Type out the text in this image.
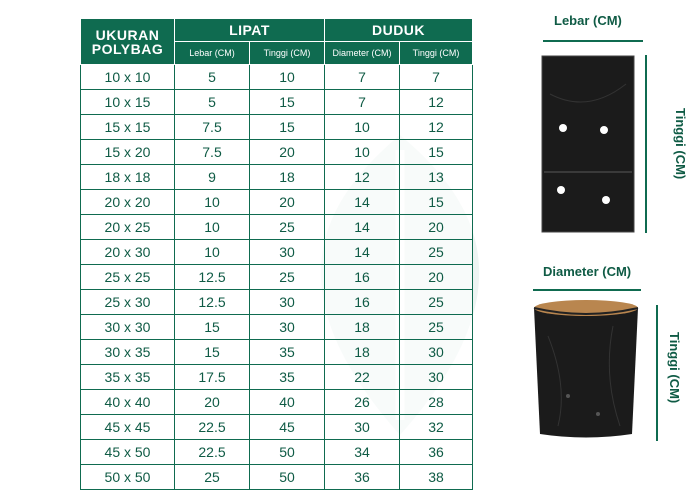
UKURAN POLYBAG	LIPAT		DUDUK	
	Lebar (CM)	Tinggi (CM)	Diameter (CM)	Tinggi (CM)
10 x 10	5	10	7	7
10 x 15	5	15	7	12
15 x 15	7.5	15	10	12
15 x 20	7.5	20	10	15
18 x 18	9	18	12	13
20 x 20	10	20	14	15
20 x 25	10	25	14	20
20 x 30	10	30	14	25
25 x 25	12.5	25	16	20
25 x 30	12.5	30	16	25
30 x 30	15	30	18	25
30 x 35	15	35	18	30
35 x 35	17.5	35	22	30
40 x 40	20	40	26	28
45 x 45	22.5	45	30	32
45 x 50	22.5	50	34	36
50 x 50	25	50	36	38
Lebar (CM)
Tinggi (CM)
Diameter (CM)
Tinggi (CM)
